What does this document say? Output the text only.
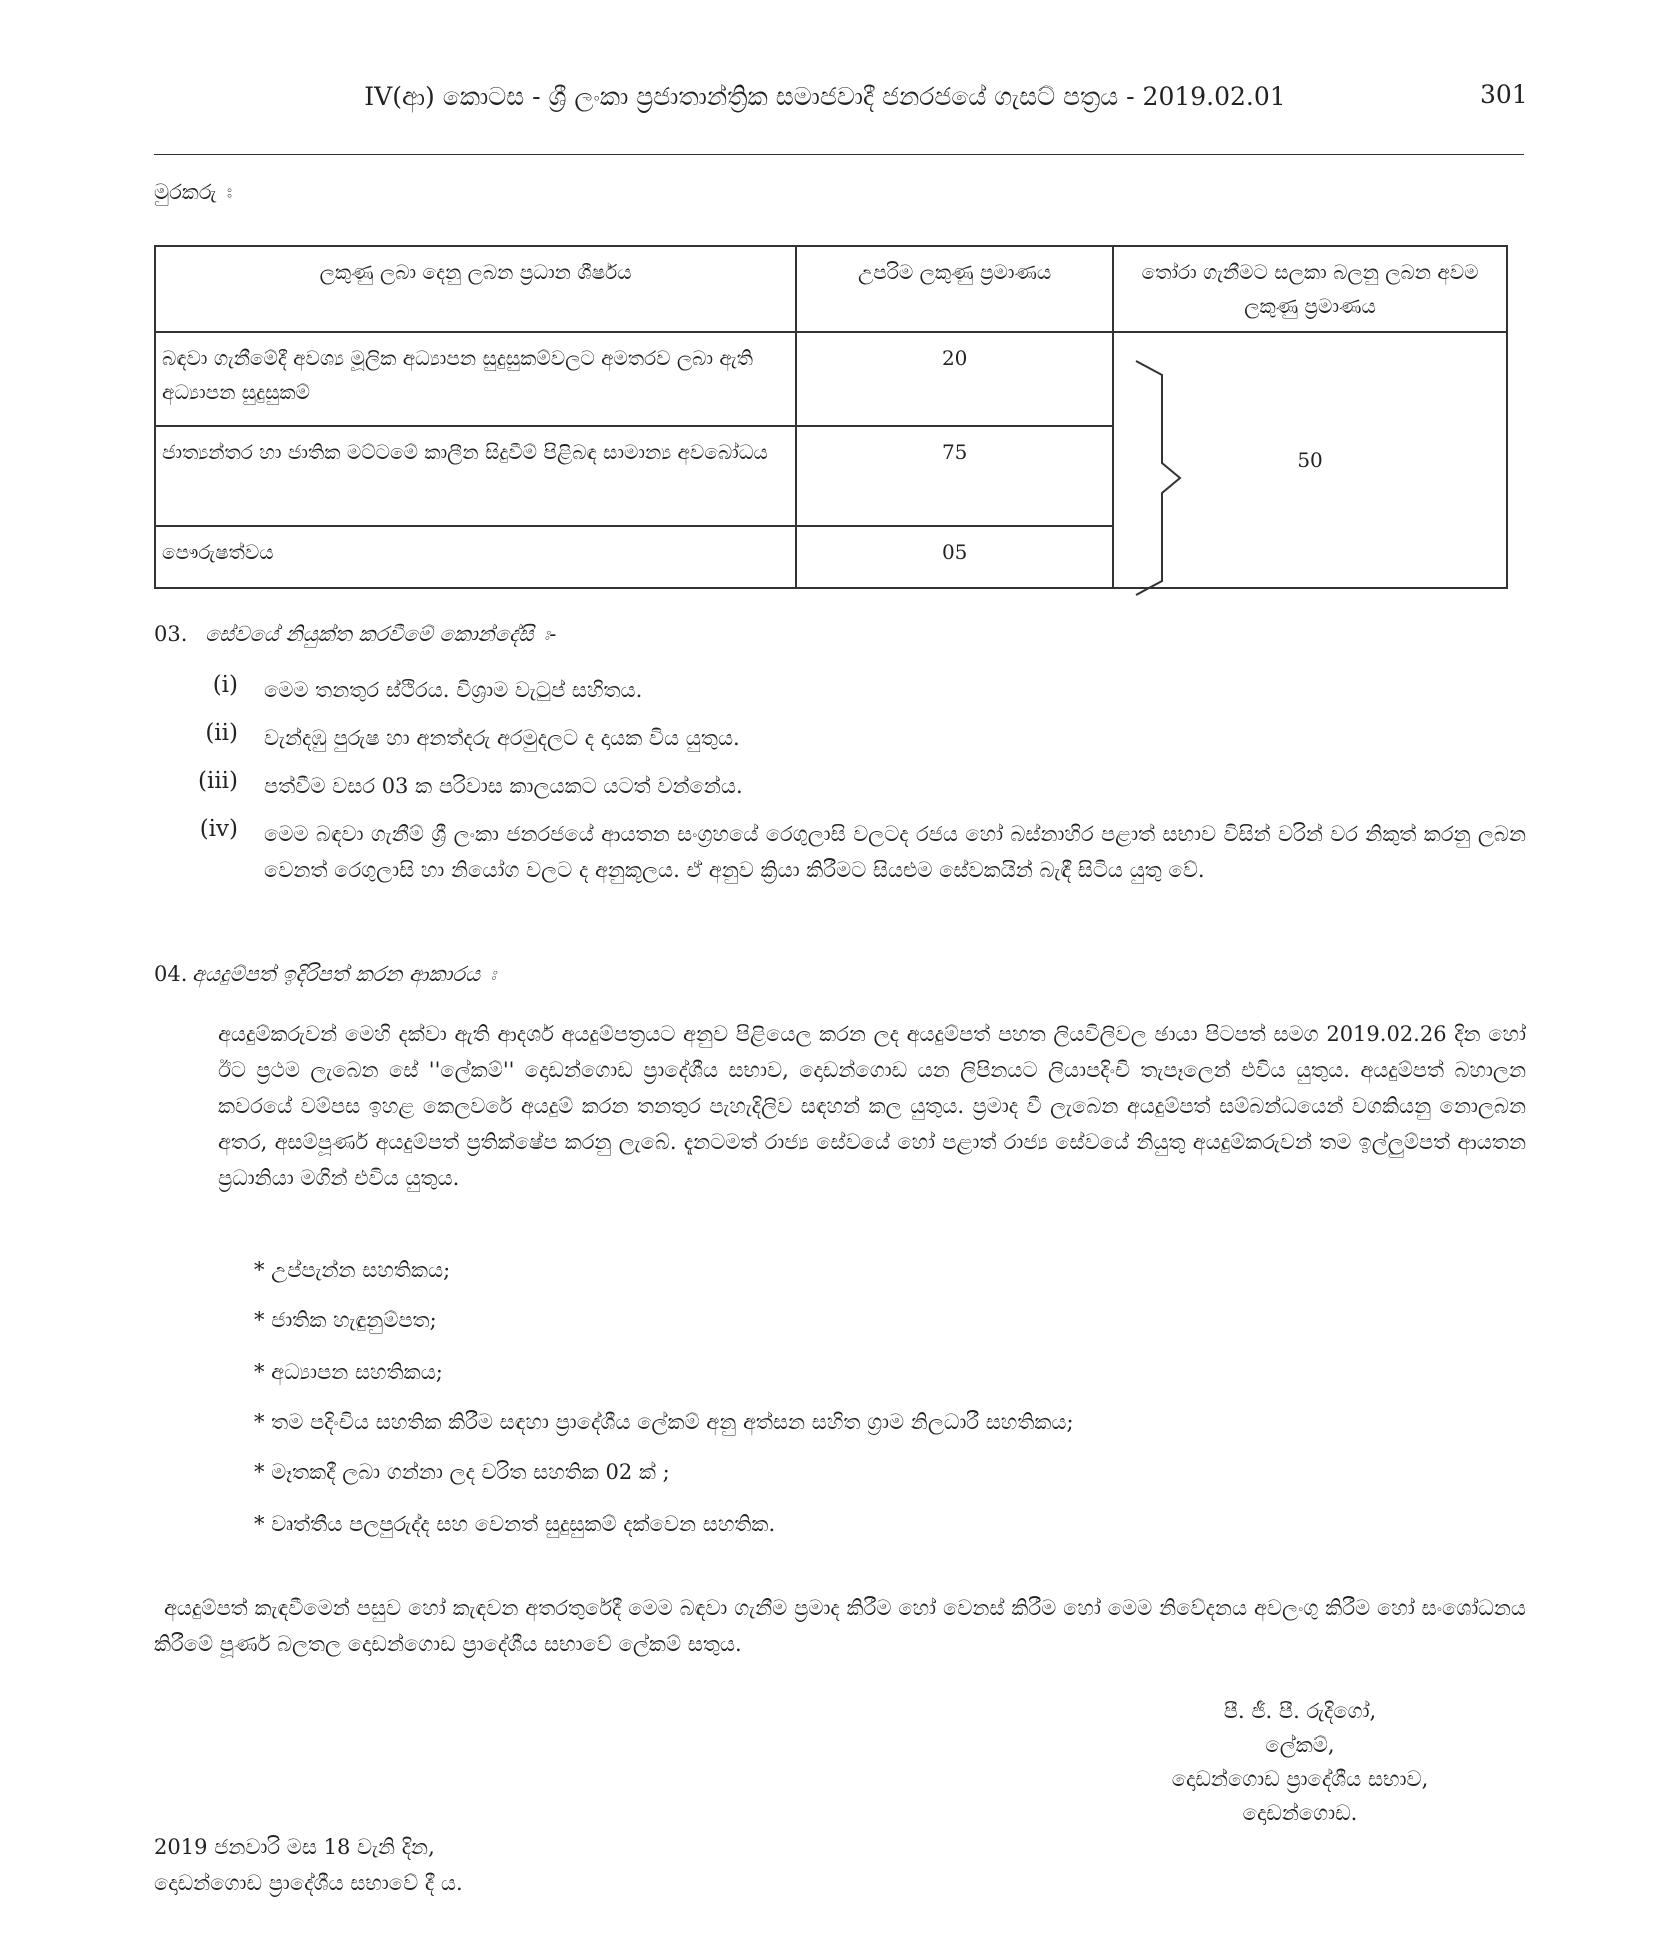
IV(ආ) කොටස - ශ්‍රී ලංකා ප්‍රජාතාන්ත්‍රික සමාජවාදී ජනරජයේ ගැසට් පත්‍රය - 2019.02.01	301
මුරකරු ඃ
ලකුණු ලබා දෙනු ලබන ප්‍රධාන ශීර්ෂය	උපරිම ලකුණු ප්‍රමාණය	තෝරා ගැනීමට සලකා බලනු ලබන අවම ලකුණු ප්‍රමාණය
බඳවා ගැනීමේදී අවශ්‍ය මූලික අධ්‍යාපන සුදුසුකම්වලට අමතරව ලබා ඇති අධ්‍යාපන සුදුසුකම්	20	50

ජාත්‍යන්තර හා ජාතික මට්ටමේ කාලීන සිදුවීම් පිළිබඳ සාමාන්‍ය අවබෝධය	75	
පෞරුෂත්වය	05	
03. සේවයේ නියුක්ත කරවීමේ කොන්දේසි ඃ-
(i) මෙම තනතුර ස්ථිරය. විශ්‍රාම වැටුප් සහිතය.
(ii) වැන්දඹු පුරුෂ හා අනත්දරු අරමුදලට ද දායක විය යුතුය.
(iii) පත්වීම වසර 03 ක පරිවාස කාලයකට යටත් වන්නේය.
(iv) මෙම බඳවා ගැනීම් ශ්‍රී ලංකා ජනරජයේ ආයතන සංග්‍රහයේ රෙගුලාසි වලටද රජය හෝ බස්නාහිර පළාත් සභාව විසින් වරින් වර නිකුත් කරනු ලබන වෙනත් රෙගුලාසි හා නියෝග වලට ද අනුකූලය. ඒ අනුව ක්‍රියා කිරීමට සියළුම සේවකයින් බැඳී සිටිය යුතු වේ.
04. අයදුම්පත් ඉදිරිපත් කරන ආකාරය ඃ
අයදුම්කරුවන් මෙහි දක්වා ඇති ආදර්ශ අයදුම්පත්‍රයට අනුව පිළියෙල කරන ලද අයදුම්පත් පහත ලියවිලිවල ඡායා පිටපත් සමග 2019.02.26 දින හෝ ඊට ප්‍රථම ලැබෙන සේ ''ලේකම්'' දොඩන්ගොඩ ප්‍රාදේශීය සභාව, දොඩන්ගොඩ යන ලිපිනයට ලියාපදිංචි තැපෑලෙන් එවිය යුතුය. අයදුම්පත් බහාලන කවරයේ වම්පස ඉහළ කෙලවරේ අයදුම් කරන තනතුර පැහැදිලිව සඳහන් කල යුතුය. ප්‍රමාද වී ලැබෙන අයදුම්පත් සම්බන්ධයෙන් වගකියනු නොලබන අතර, අසම්පූර්ණ අයදුම්පත් ප්‍රතික්ෂේප කරනු ලැබේ. දැනටමත් රාජ්‍ය සේවයේ හෝ පළාත් රාජ්‍ය සේවයේ නියුතු අයදුම්කරුවන් තම ඉල්ලුම්පත් ආයතන ප්‍රධානියා මගින් එවිය යුතුය.
* උප්පැන්න සහතිකය;
* ජාතික හැඳුනුම්පත;
* අධ්‍යාපන සහතිකය;
* තම පදිංචිය සහතික කිරීම සඳහා ප්‍රාදේශීය ලේකම් අනු අත්සන සහිත ග්‍රාම නිලධාරී සහතිකය;
* මෑතකදී ලබා ගන්නා ලද චරිත සහතික 02 ක් ;
* වෘත්තීය පලපුරුද්ද සහ වෙනත් සුදුසුකම් දක්වෙන සහතික.
අයදුම්පත් කැඳවීමෙන් පසුව හෝ කැඳවන අතරතුරේදී මෙම බඳවා ගැනීම ප්‍රමාද කිරීම හෝ වෙනස් කිරීම හෝ මෙම නිවේදනය අවලංගු කිරීම හෝ සංශෝධනය කිරීමේ පූර්ණ බලතල දොඩන්ගොඩ ප්‍රාදේශීය සභාවේ ලේකම් සතුය.
පී. ජී. පී. රුදිගෝ,
ලේකම්,
දොඩන්ගොඩ ප්‍රාදේශීය සභාව,
දොඩන්ගොඩ.
2019 ජනවාරි මස 18 වැනි දින,
දොඩන්ගොඩ ප්‍රාදේශීය සභාවේ දී ය.
